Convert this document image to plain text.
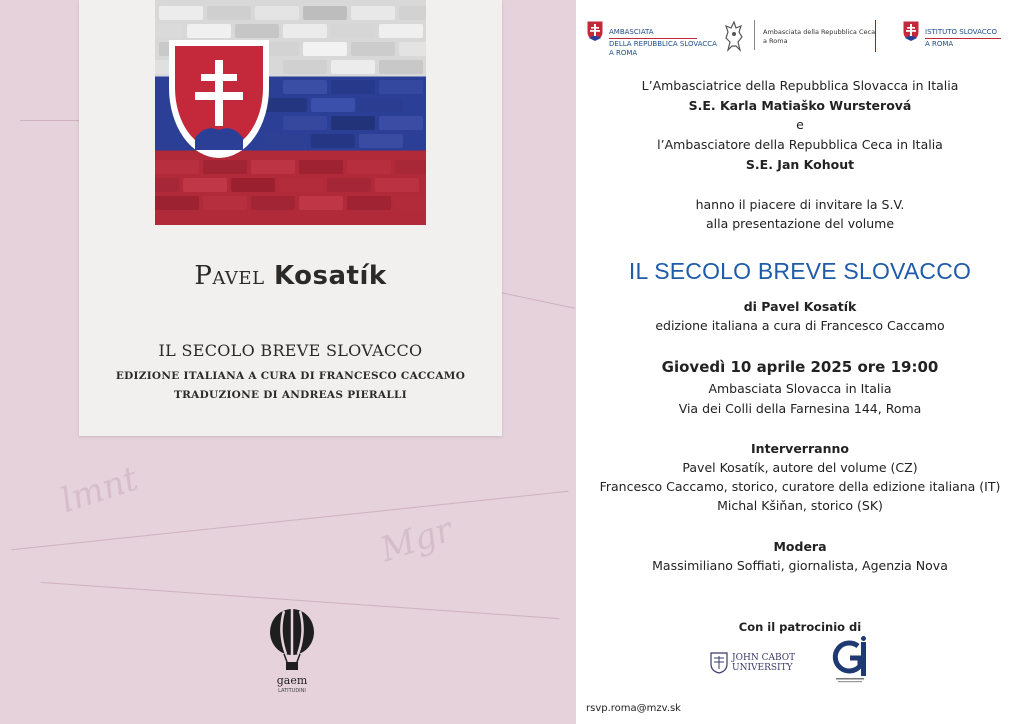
Mgr
lmnt
Pavel Kosatík
IL SECOLO BREVE SLOVACCO
EDIZIONE ITALIANA A CURA DI FRANCESCO CACCAMO
TRADUZIONE DI ANDREAS PIERALLI
gaem
LATITUDINI
AMBASCIATA
DELLA REPUBBLICA SLOVACCA
A ROMA
Ambasciata della Repubblica Ceca
a Roma
ISTITUTO SLOVACCO
A ROMA
L’Ambasciatrice della Repubblica Slovacca in Italia
S.E. Karla Matiaško Wursterová
e
l’Ambasciatore della Repubblica Ceca in Italia
S.E. Jan Kohout
hanno il piacere di invitare la S.V.
alla presentazione del volume
IL SECOLO BREVE SLOVACCO
di Pavel Kosatík
edizione italiana a cura di Francesco Caccamo
Giovedì 10 aprile 2025 ore 19:00
Ambasciata Slovacca in Italia
Via dei Colli della Farnesina 144, Roma
Interverranno
Pavel Kosatík, autore del volume (CZ)
Francesco Caccamo, storico, curatore della edizione italiana (IT)
Michal Kšiňan, storico (SK)
Modera
Massimiliano Soffiati, giornalista, Agenzia Nova
Con il patrocinio di
JOHN CABOT
UNIVERSITY
rsvp.roma@mzv.sk
